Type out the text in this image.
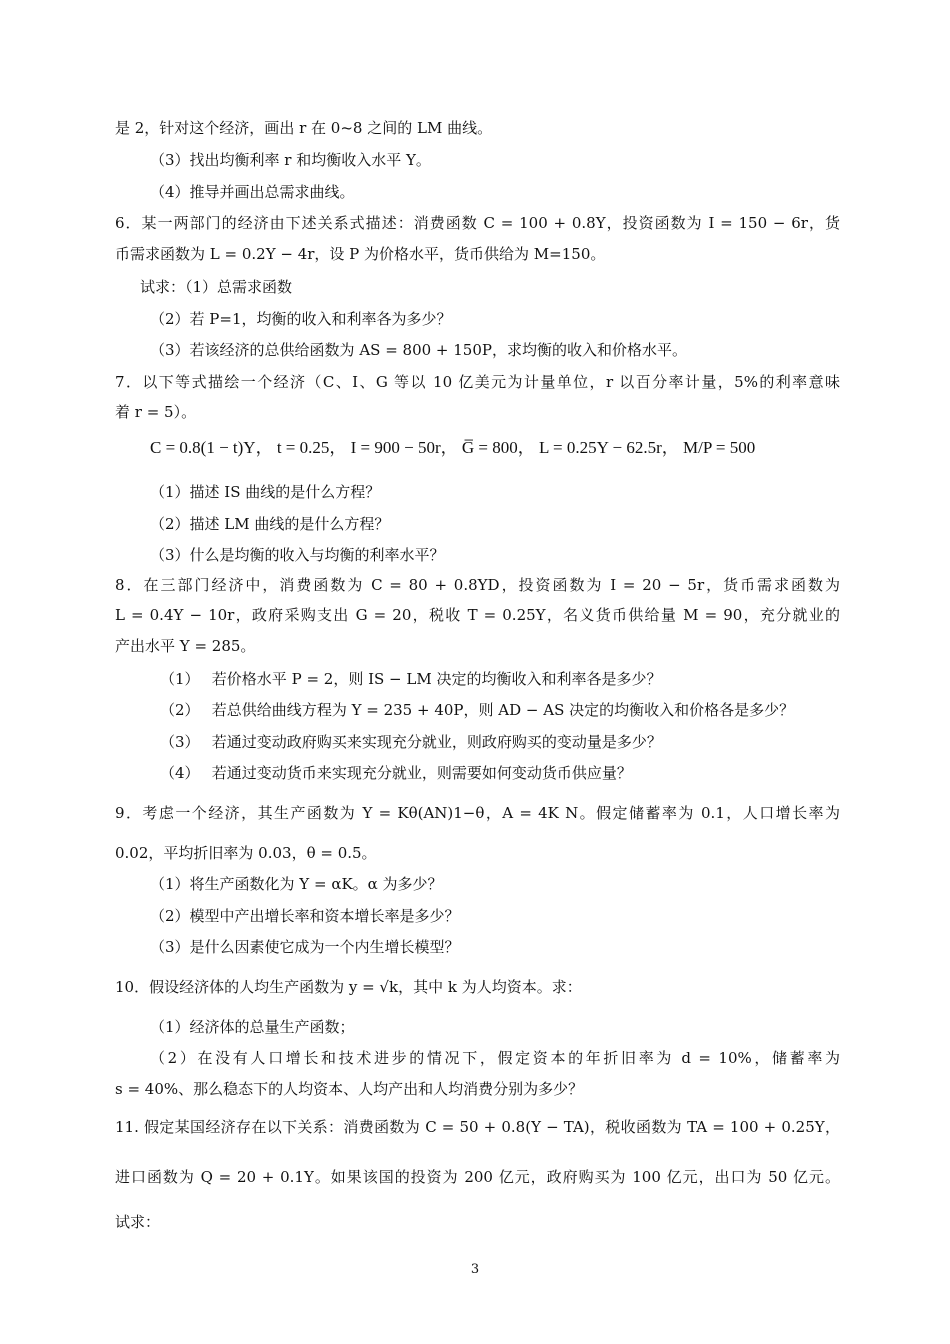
是 2，针对这个经济，画出 r 在 0~8 之间的 LM 曲线。
（3）找出均衡利率 r 和均衡收入水平 Y。
（4）推导并画出总需求曲线。
6．某一两部门的经济由下述关系式描述：消费函数 C = 100 + 0.8Y，投资函数为 I = 150 − 6r，货
币需求函数为 L = 0.2Y − 4r，设 P 为价格水平，货币供给为 M=150。
试求：（1）总需求函数
（2）若 P=1，均衡的收入和利率各为多少？
（3）若该经济的总供给函数为 AS = 800 + 150P，求均衡的收入和价格水平。
7．以下等式描绘一个经济（C、I、G 等以 10 亿美元为计量单位，r 以百分率计量，5%的利率意味
着 r = 5）。
C = 0.8(1 − t)Y， t = 0.25， I = 900 − 50r， G̅ = 800， L = 0.25Y − 62.5r， M/P = 500
（1）描述 IS 曲线的是什么方程？
（2）描述 LM 曲线的是什么方程？
（3）什么是均衡的收入与均衡的利率水平？
8．在三部门经济中，消费函数为 C = 80 + 0.8YD，投资函数为 I = 20 − 5r，货币需求函数为
L = 0.4Y − 10r，政府采购支出 G = 20，税收 T = 0.25Y，名义货币供给量 M = 90，充分就业的
产出水平 Y = 285。
（1）　 若价格水平 P = 2，则 IS − LM 决定的均衡收入和利率各是多少？
（2）　 若总供给曲线方程为 Y = 235 + 40P，则 AD − AS 决定的均衡收入和价格各是多少？
（3）　 若通过变动政府购买来实现充分就业，则政府购买的变动量是多少？
（4）　 若通过变动货币来实现充分就业，则需要如何变动货币供应量？
9．考虑一个经济，其生产函数为 Y = Kθ(AN)1−θ，A = 4K N。假定储蓄率为 0.1，人口增长率为
0.02，平均折旧率为 0.03，θ = 0.5。
（1）将生产函数化为 Y = αK。α 为多少？
（2）模型中产出增长率和资本增长率是多少？
（3）是什么因素使它成为一个内生增长模型？
10．假设经济体的人均生产函数为 y = √k，其中 k 为人均资本。求：
（1）经济体的总量生产函数；
（2）在没有人口增长和技术进步的情况下，假定资本的年折旧率为 d = 10%，储蓄率为
s = 40%、那么稳态下的人均资本、人均产出和人均消费分别为多少？
11. 假定某国经济存在以下关系：消费函数为 C = 50 + 0.8(Y − TA)，税收函数为 TA = 100 + 0.25Y，
进口函数为 Q = 20 + 0.1Y。如果该国的投资为 200 亿元，政府购买为 100 亿元，出口为 50 亿元。
试求：
3
